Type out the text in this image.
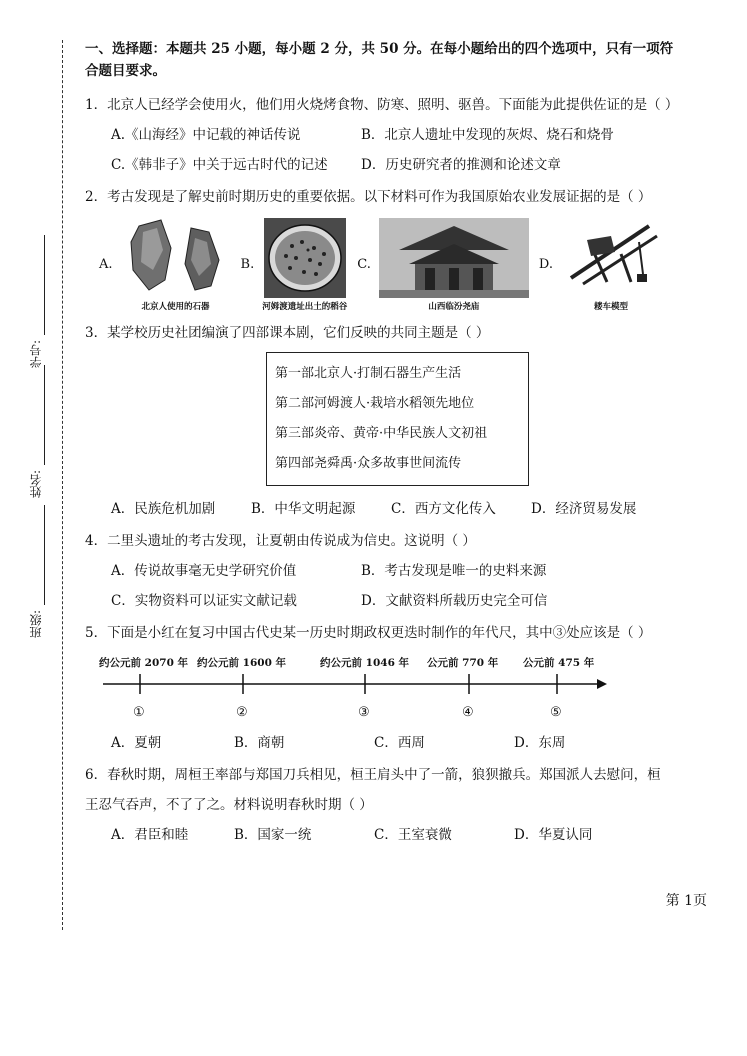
学号:
姓名:
班级:
一、选择题：本题共 25 小题，每小题 2 分，共 50 分。在每小题给出的四个选项中，只有一项符
合题目要求。
1．北京人已经学会使用火，他们用火烧烤食物、防寒、照明、驱兽。下面能为此提供佐证的是（ ）
A.《山海经》中记载的神话传说	B．北京人遗址中发现的灰烬、烧石和烧骨
C.《韩非子》中关于远古时代的记述	D．历史研究者的推测和论述文章
2．考古发现是了解史前时期历史的重要依据。以下材料可作为我国原始农业发展证据的是（ ）
A.
北京人使用的石器
B.
河姆渡遗址出土的稻谷
C.
山西临汾尧庙
D.
耧车模型
3．某学校历史社团编演了四部课本剧，它们反映的共同主题是（ ）
第一部北京人·打制石器生产生活
第二部河姆渡人·栽培水稻领先地位
第三部炎帝、黄帝·中华民族人文初祖
第四部尧舜禹·众多故事世间流传
A．民族危机加剧	B．中华文明起源	C．西方文化传入	D．经济贸易发展
4．二里头遗址的考古发现，让夏朝由传说成为信史。这说明（ ）
A．传说故事毫无史学研究价值	B．考古发现是唯一的史料来源
C．实物资料可以证实文献记载	D．文献资料所载历史完全可信
5．下面是小红在复习中国古代史某一历史时期政权更迭时制作的年代尺，其中③处应该是（ ）
约公元前 2070 年 约公元前 1600 年	约公元前 1046 年 公元前 770 年 公元前 475 年
①	②	③	④	⑤
A．夏朝	B．商朝	C．西周	D．东周
6．春秋时期，周桓王率部与郑国刀兵相见，桓王肩头中了一箭，狼狈撤兵。郑国派人去慰问，桓
王忍气吞声，不了了之。材料说明春秋时期（ ）
A．君臣和睦	B．国家一统	C．王室衰微	D．华夏认同
第 1页
